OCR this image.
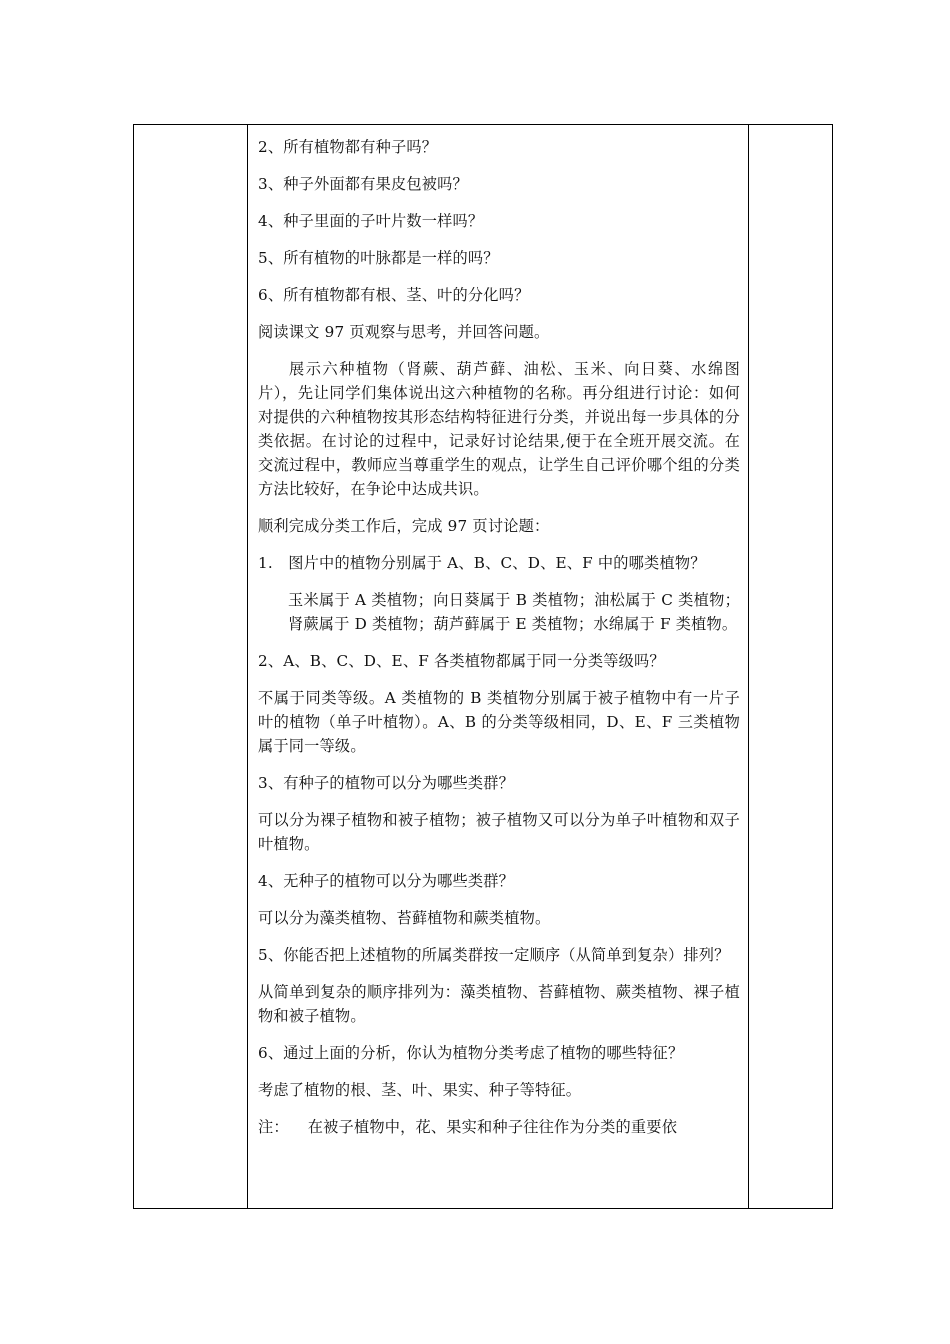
2、所有植物都有种子吗？

3、种子外面都有果皮包被吗？

4、种子里面的子叶片数一样吗？

5、所有植物的叶脉都是一样的吗？

6、所有植物都有根、茎、叶的分化吗？

阅读课文 97 页观察与思考，并回答问题。

展示六种植物（肾蕨、葫芦藓、油松、玉米、向日葵、水绵图片），先让同学们集体说出这六种植物的名称。再分组进行讨论：如何对提供的六种植物按其形态结构特征进行分类，并说出每一步具体的分类依据。在讨论的过程中，记录好讨论结果,便于在全班开展交流。在交流过程中，教师应当尊重学生的观点，让学生自己评价哪个组的分类方法比较好，在争论中达成共识。

顺利完成分类工作后，完成 97 页讨论题：

1.　图片中的植物分别属于 A、B、C、D、E、F 中的哪类植物？

玉米属于 A 类植物；向日葵属于 B 类植物；油松属于 C 类植物；肾蕨属于 D 类植物；葫芦藓属于 E 类植物；水绵属于 F 类植物。

2、A、B、C、D、E、F 各类植物都属于同一分类等级吗？

不属于同类等级。A 类植物的 B 类植物分别属于被子植物中有一片子叶的植物（单子叶植物）。A、B 的分类等级相同，D、E、F 三类植物属于同一等级。

3、有种子的植物可以分为哪些类群？

可以分为裸子植物和被子植物；被子植物又可以分为单子叶植物和双子叶植物。

4、无种子的植物可以分为哪些类群？

可以分为藻类植物、苔藓植物和蕨类植物。

5、你能否把上述植物的所属类群按一定顺序（从简单到复杂）排列？

从简单到复杂的顺序排列为：藻类植物、苔藓植物、蕨类植物、裸子植物和被子植物。

6、通过上面的分析，你认为植物分类考虑了植物的哪些特征？

考虑了植物的根、茎、叶、果实、种子等特征。

注： 在被子植物中，花、果实和种子往往作为分类的重要依
